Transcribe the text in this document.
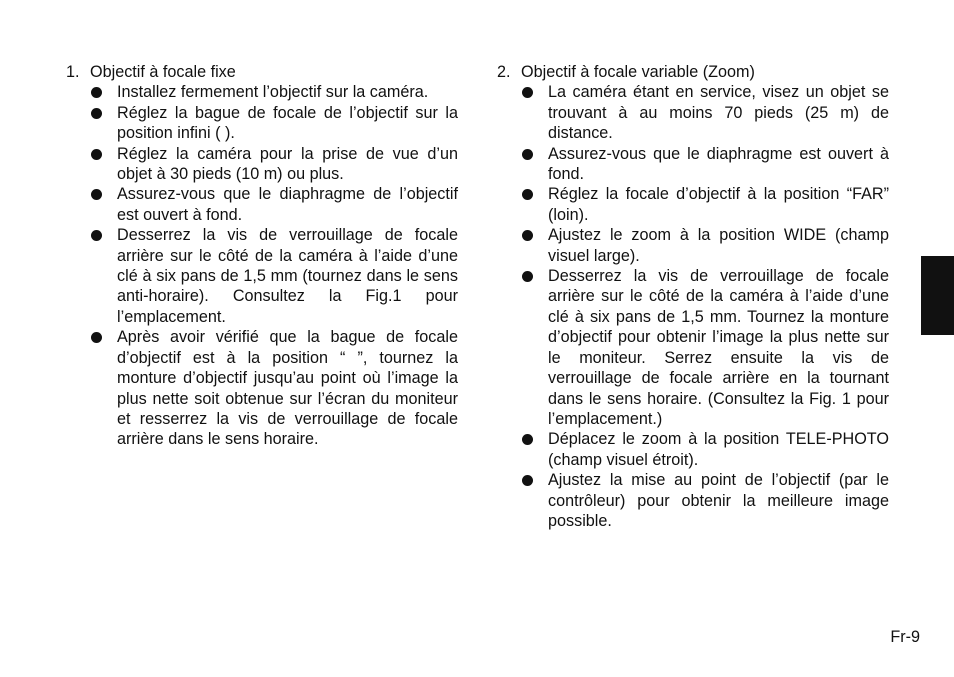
1. Objectif à focale fixe
Installez fermement l’objectif sur la caméra.
Réglez la bague de focale de l’objectif sur la position infini ( ).
Réglez la caméra pour la prise de vue d’un objet à 30 pieds (10 m) ou plus.
Assurez-vous que le diaphragme de l’objectif est ouvert à fond.
Desserrez la vis de verrouillage de focale arrière sur le côté de la caméra à l’aide d’une clé à six pans de 1,5 mm (tournez dans le sens anti-horaire). Consultez la Fig.1 pour l’emplacement.
Après avoir vérifié que la bague de focale d’objectif est à la position “ ”, tournez la monture d’objectif jusqu’au point où l’image la plus nette soit obtenue sur l’écran du moniteur et resserrez la vis de verrouillage de focale arrière dans le sens horaire.
2. Objectif à focale variable (Zoom)
La caméra étant en service, visez un objet se trouvant à au moins 70 pieds (25 m) de distance.
Assurez-vous que le diaphragme est ouvert à fond.
Réglez la focale d’objectif à la position “FAR” (loin).
Ajustez le zoom à la position WIDE (champ visuel large).
Desserrez la vis de verrouillage de focale arrière sur le côté de la caméra à l’aide d’une clé à six pans de 1,5 mm. Tournez la monture d’objectif pour obtenir l’image la plus nette sur le moniteur. Serrez ensuite la vis de verrouillage de focale arrière en la tournant dans le sens horaire. (Consultez la Fig. 1 pour l’emplacement.)
Déplacez le zoom à la position TELE-PHOTO (champ visuel étroit).
Ajustez la mise au point de l’objectif (par le contrôleur) pour obtenir la meilleure image possible.
Fr-9
